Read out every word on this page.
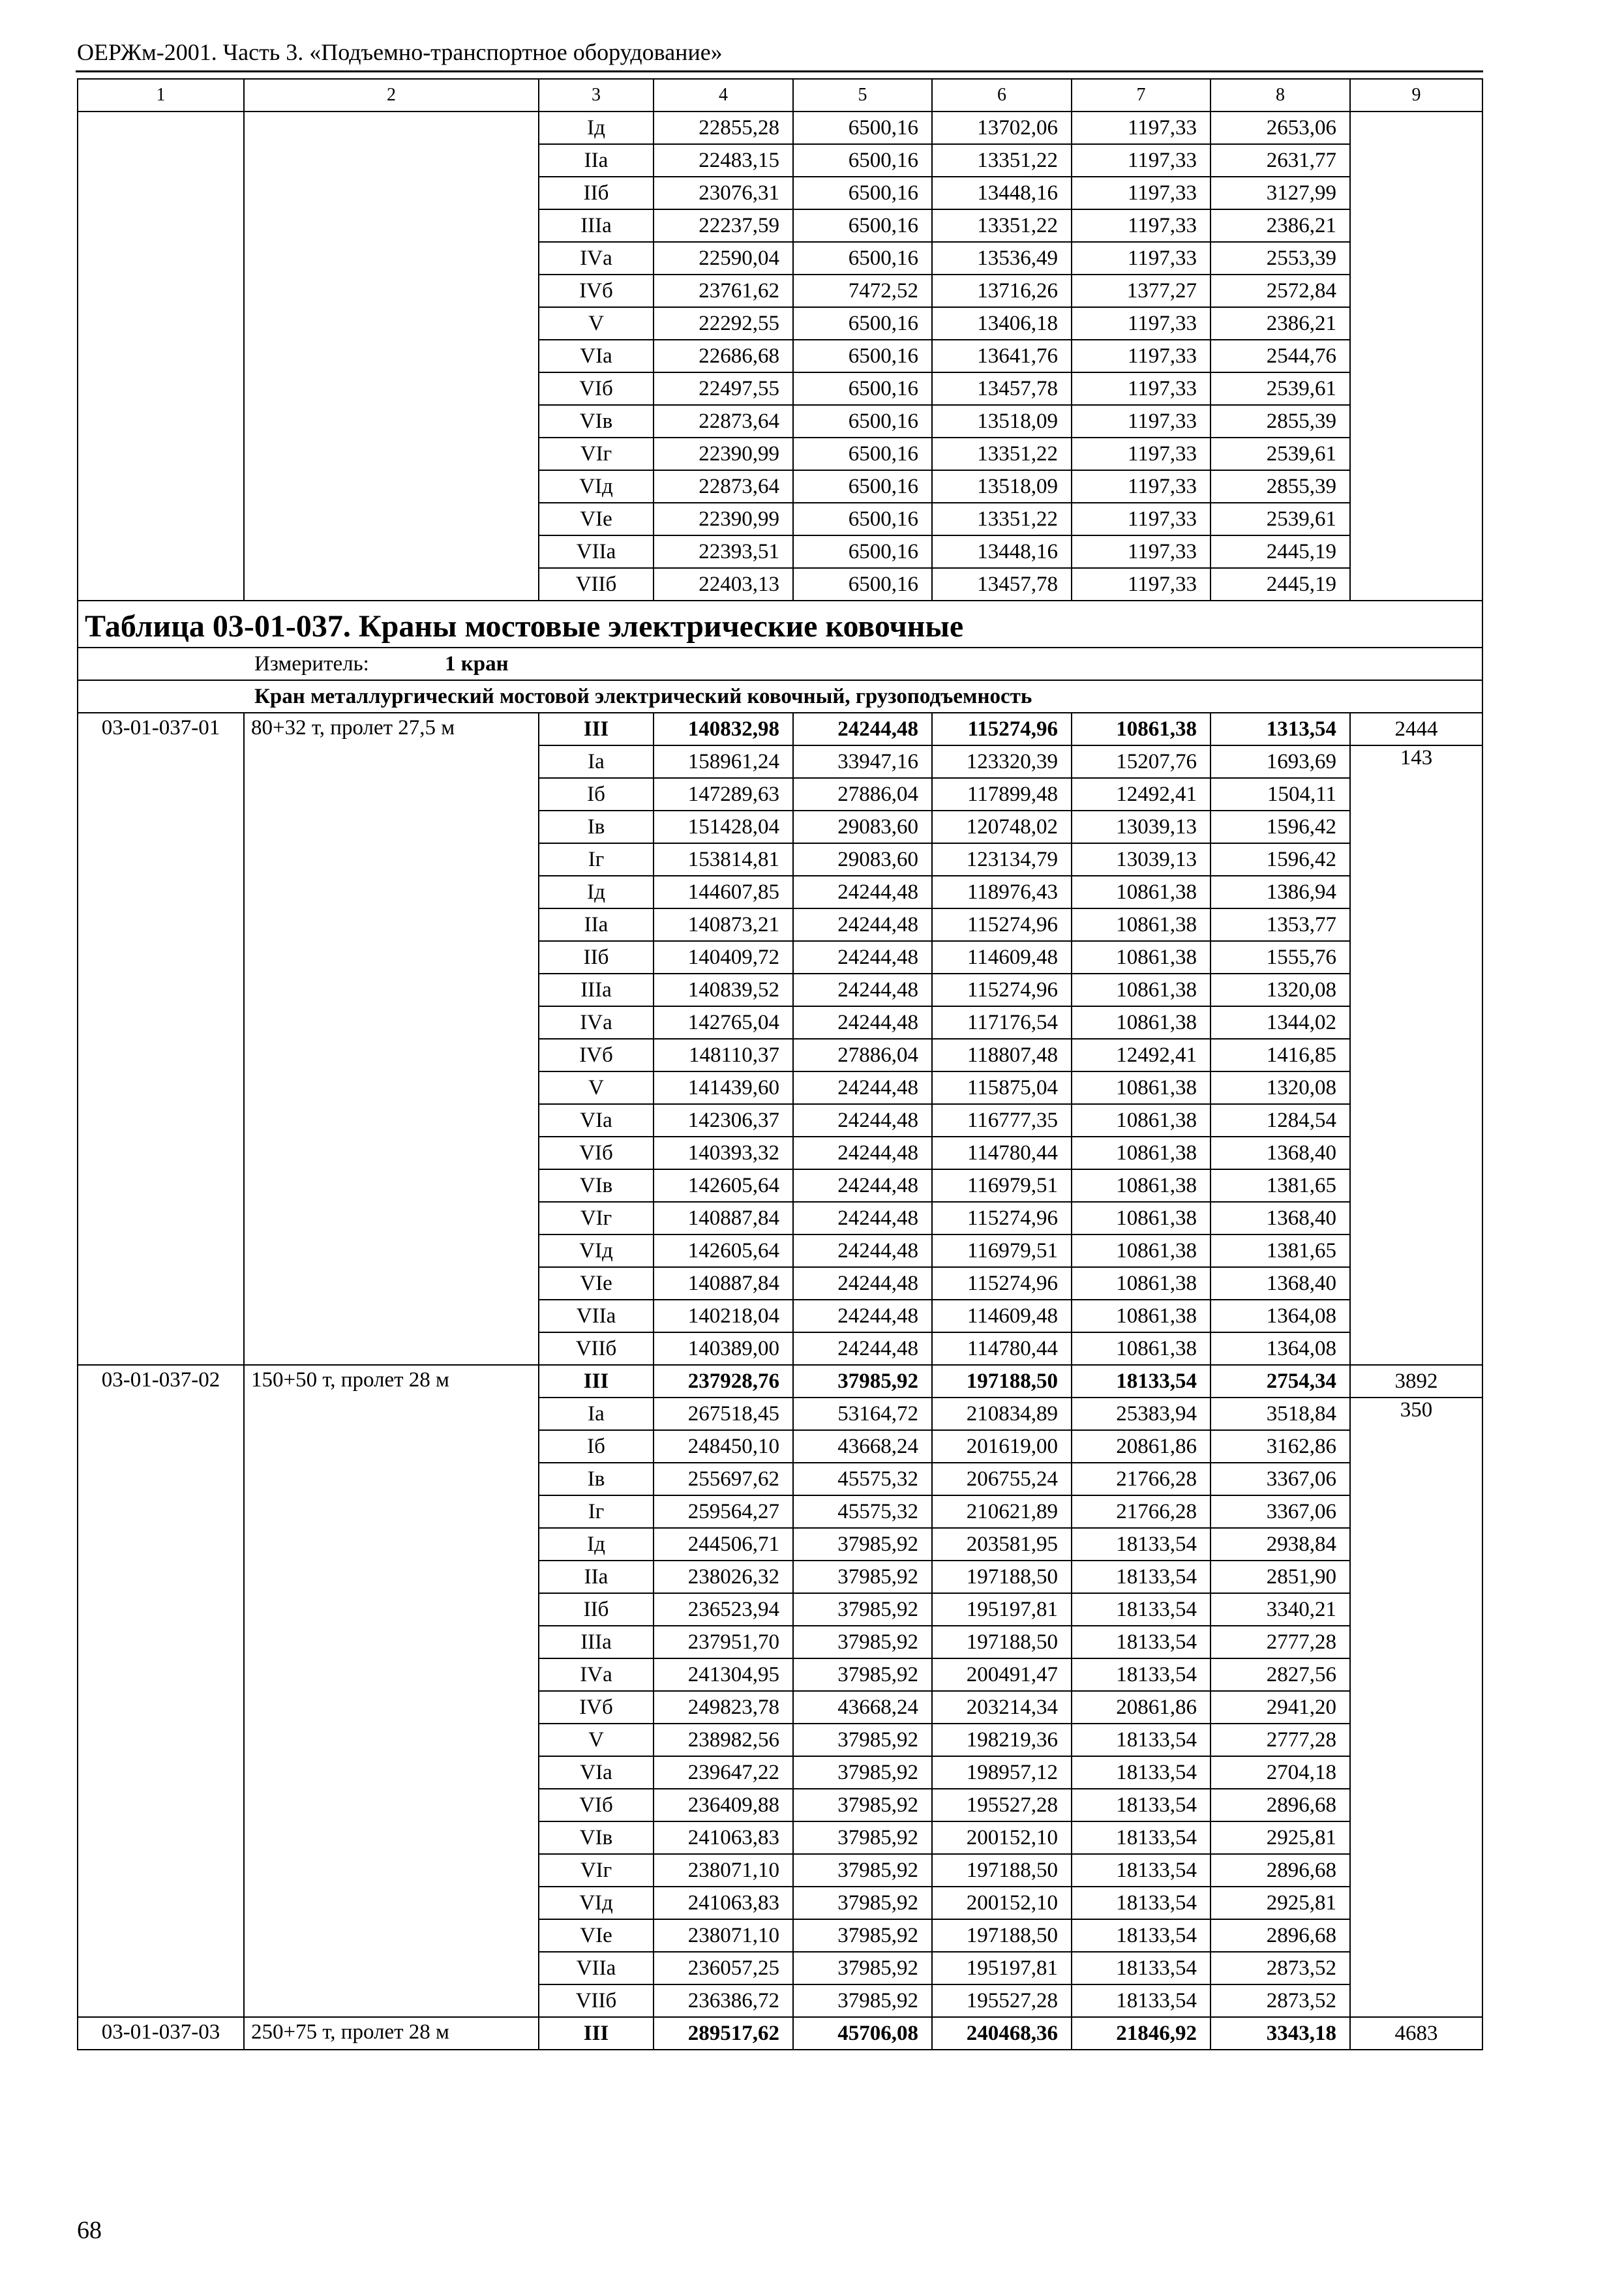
ОЕРЖм-2001. Часть 3. «Подъемно-транспортное оборудование»
1	2	3	4	5	6	7	8	9
		Iд	22855,28	6500,16	13702,06	1197,33	2653,06	
		IIа	22483,15	6500,16	13351,22	1197,33	2631,77	
		IIб	23076,31	6500,16	13448,16	1197,33	3127,99	
		IIIа	22237,59	6500,16	13351,22	1197,33	2386,21	
		IVа	22590,04	6500,16	13536,49	1197,33	2553,39	
		IVб	23761,62	7472,52	13716,26	1377,27	2572,84	
		V	22292,55	6500,16	13406,18	1197,33	2386,21	
		VIа	22686,68	6500,16	13641,76	1197,33	2544,76	
		VIб	22497,55	6500,16	13457,78	1197,33	2539,61	
		VIв	22873,64	6500,16	13518,09	1197,33	2855,39	
		VIг	22390,99	6500,16	13351,22	1197,33	2539,61	
		VIд	22873,64	6500,16	13518,09	1197,33	2855,39	
		VIе	22390,99	6500,16	13351,22	1197,33	2539,61	
		VIIа	22393,51	6500,16	13448,16	1197,33	2445,19	
		VIIб	22403,13	6500,16	13457,78	1197,33	2445,19	
Таблица 03-01-037. Краны мостовые электрические ковочные								
Измеритель: 1 кран								
Кран металлургический мостовой электрический ковочный, грузоподъемность								
03-01-037-01	80+32 т, пролет 27,5 м	III	140832,98	24244,48	115274,96	10861,38	1313,54	2444
		Iа	158961,24	33947,16	123320,39	15207,76	1693,69	143
		Iб	147289,63	27886,04	117899,48	12492,41	1504,11	
		Iв	151428,04	29083,60	120748,02	13039,13	1596,42	
		Iг	153814,81	29083,60	123134,79	13039,13	1596,42	
		Iд	144607,85	24244,48	118976,43	10861,38	1386,94	
		IIа	140873,21	24244,48	115274,96	10861,38	1353,77	
		IIб	140409,72	24244,48	114609,48	10861,38	1555,76	
		IIIа	140839,52	24244,48	115274,96	10861,38	1320,08	
		IVа	142765,04	24244,48	117176,54	10861,38	1344,02	
		IVб	148110,37	27886,04	118807,48	12492,41	1416,85	
		V	141439,60	24244,48	115875,04	10861,38	1320,08	
		VIа	142306,37	24244,48	116777,35	10861,38	1284,54	
		VIб	140393,32	24244,48	114780,44	10861,38	1368,40	
		VIв	142605,64	24244,48	116979,51	10861,38	1381,65	
		VIг	140887,84	24244,48	115274,96	10861,38	1368,40	
		VIд	142605,64	24244,48	116979,51	10861,38	1381,65	
		VIе	140887,84	24244,48	115274,96	10861,38	1368,40	
		VIIа	140218,04	24244,48	114609,48	10861,38	1364,08	
		VIIб	140389,00	24244,48	114780,44	10861,38	1364,08	
03-01-037-02	150+50 т, пролет 28 м	III	237928,76	37985,92	197188,50	18133,54	2754,34	3892
		Iа	267518,45	53164,72	210834,89	25383,94	3518,84	350
		Iб	248450,10	43668,24	201619,00	20861,86	3162,86	
		Iв	255697,62	45575,32	206755,24	21766,28	3367,06	
		Iг	259564,27	45575,32	210621,89	21766,28	3367,06	
		Iд	244506,71	37985,92	203581,95	18133,54	2938,84	
		IIа	238026,32	37985,92	197188,50	18133,54	2851,90	
		IIб	236523,94	37985,92	195197,81	18133,54	3340,21	
		IIIа	237951,70	37985,92	197188,50	18133,54	2777,28	
		IVа	241304,95	37985,92	200491,47	18133,54	2827,56	
		IVб	249823,78	43668,24	203214,34	20861,86	2941,20	
		V	238982,56	37985,92	198219,36	18133,54	2777,28	
		VIа	239647,22	37985,92	198957,12	18133,54	2704,18	
		VIб	236409,88	37985,92	195527,28	18133,54	2896,68	
		VIв	241063,83	37985,92	200152,10	18133,54	2925,81	
		VIг	238071,10	37985,92	197188,50	18133,54	2896,68	
		VIд	241063,83	37985,92	200152,10	18133,54	2925,81	
		VIе	238071,10	37985,92	197188,50	18133,54	2896,68	
		VIIа	236057,25	37985,92	195197,81	18133,54	2873,52	
		VIIб	236386,72	37985,92	195527,28	18133,54	2873,52	
03-01-037-03	250+75 т, пролет 28 м	III	289517,62	45706,08	240468,36	21846,92	3343,18	4683
68
